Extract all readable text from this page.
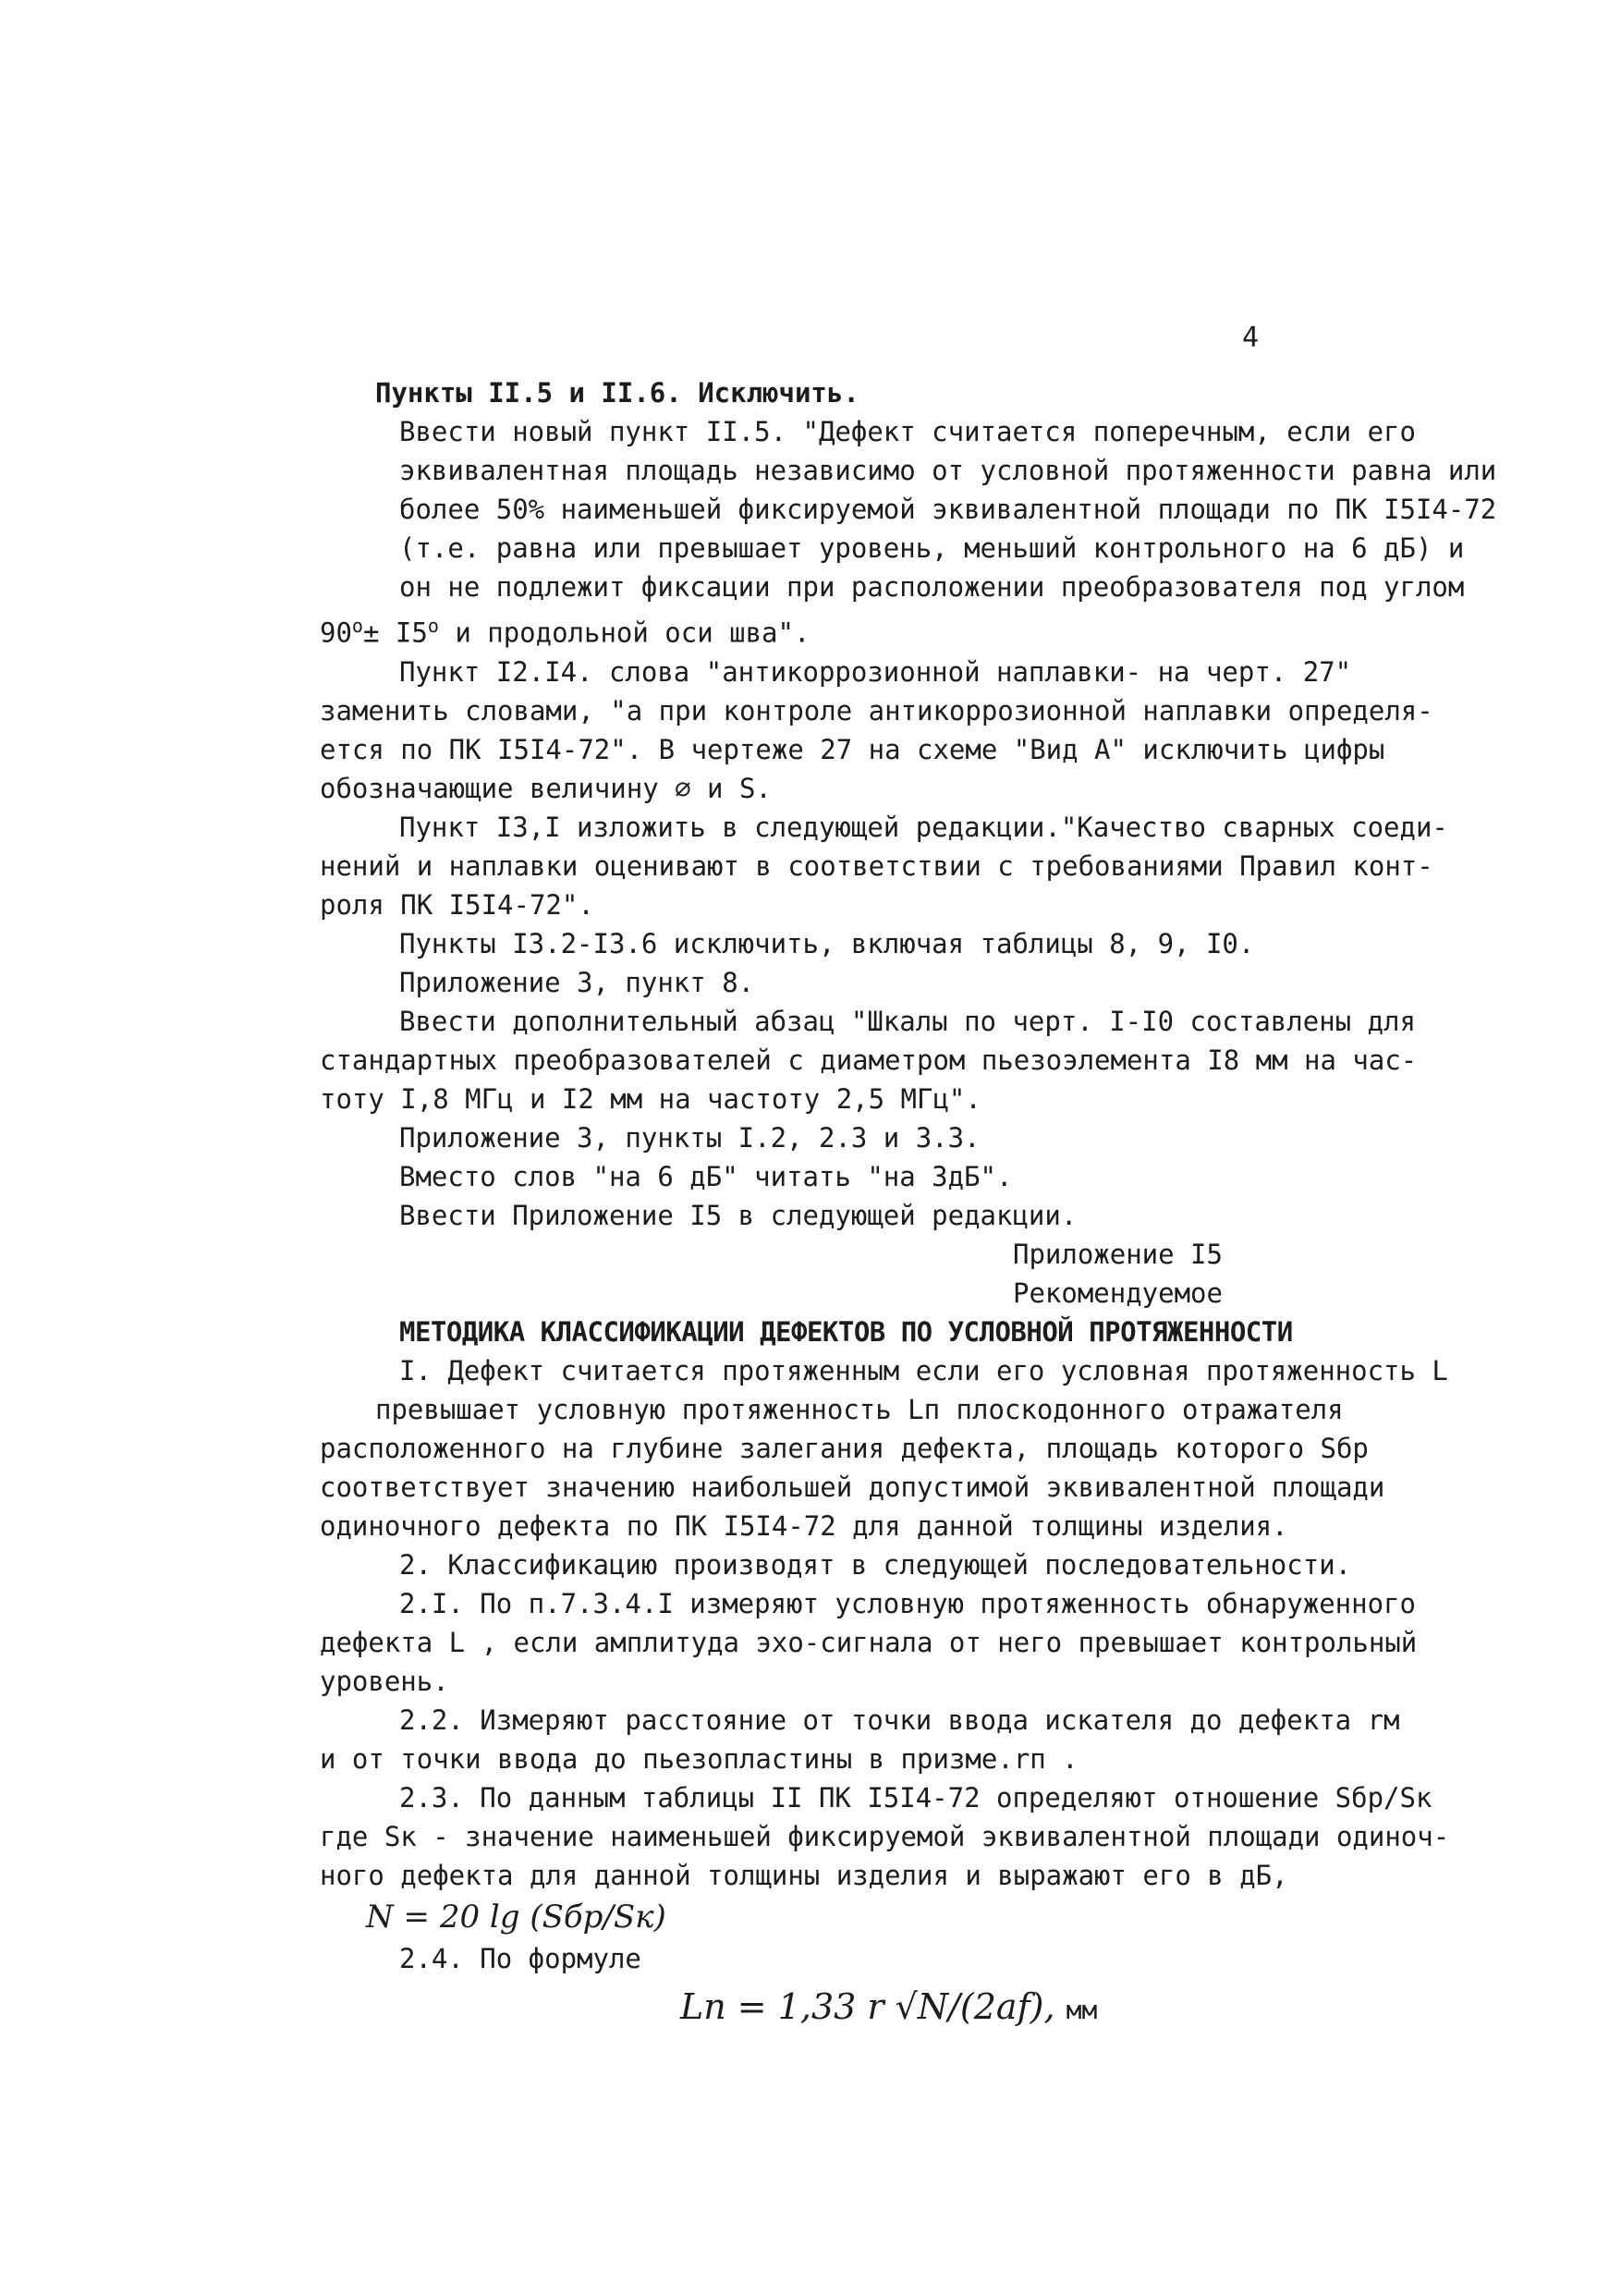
4

Пункты II.5 и II.6. Исключить.

Ввести новый пункт II.5. "Дефект считается поперечным, если его
эквивалентная площадь независимо от условной протяженности равна или
более 50% наименьшей фиксируемой эквивалентной площади по ПК I5I4-72
(т.е. равна или превышает уровень, меньший контрольного на 6 дБ) и
он не подлежит фиксации при расположении преобразователя под углом
$90^o\pm I5^o$ и продольной оси шва".

Пункт I2.I4. слова "антикоррозионной наплавки- на черт. 27"
заменить словами, "а при контроле антикоррозионной наплавки определя-
ется по ПК I5I4-72". В чертеже 27 на схеме "Вид А" исключить цифры
обозначающие величину ∅ и S.

Пункт I3,I изложить в следующей редакции."Качество сварных соеди-
нений и наплавки оценивают в соответствии с требованиями Правил конт-
роля ПК I5I4-72".

Пункты I3.2-I3.6 исключить, включая таблицы 8, 9, I0.

Приложение 3, пункт 8.

Ввести дополнительный абзац "Шкалы по черт. I-I0 составлены для
стандартных преобразователей с диаметром пьезоэлемента I8 мм на час-
тоту I,8 МГц и I2 мм на частоту 2,5 МГц".

Приложение 3, пункты I.2, 2.3 и 3.3.

Вместо слов "на 6 дБ" читать "на 3дБ".

Ввести Приложение I5 в следующей редакции.

Приложение I5

Рекомендуемое

МЕТОДИКА КЛАССИФИКАЦИИ ДЕФЕКТОВ ПО УСЛОВНОЙ ПРОТЯЖЕННОСТИ

I. Дефект считается протяженным если его условная протяженность L
превышает условную протяженность Lп плоскодонного отражателя
расположенного на глубине залегания дефекта, площадь которого Sбр
соответствует значению наибольшей допустимой эквивалентной площади
одиночного дефекта по ПК I5I4-72 для данной толщины изделия.

2. Классификацию производят в следующей последовательности.

2.I. По п.7.3.4.I измеряют условную протяженность обнаруженного
дефекта L , если амплитуда эхо-сигнала от него превышает контрольный
уровень.

2.2. Измеряют расстояние от точки ввода искателя до дефекта rм
и от точки ввода до пьезопластины в призме.rп .

2.3. По данным таблицы II ПК I5I4-72 определяют отношение Sбр/Sк
где Sк - значение наименьшей фиксируемой эквивалентной площади одиноч-
ного дефекта для данной толщины изделия и выражают его в дБ,

N = 20 lg (Sбр/Sк)

2.4. По формуле

Lп = 1,33 r √N/(2af), мм
